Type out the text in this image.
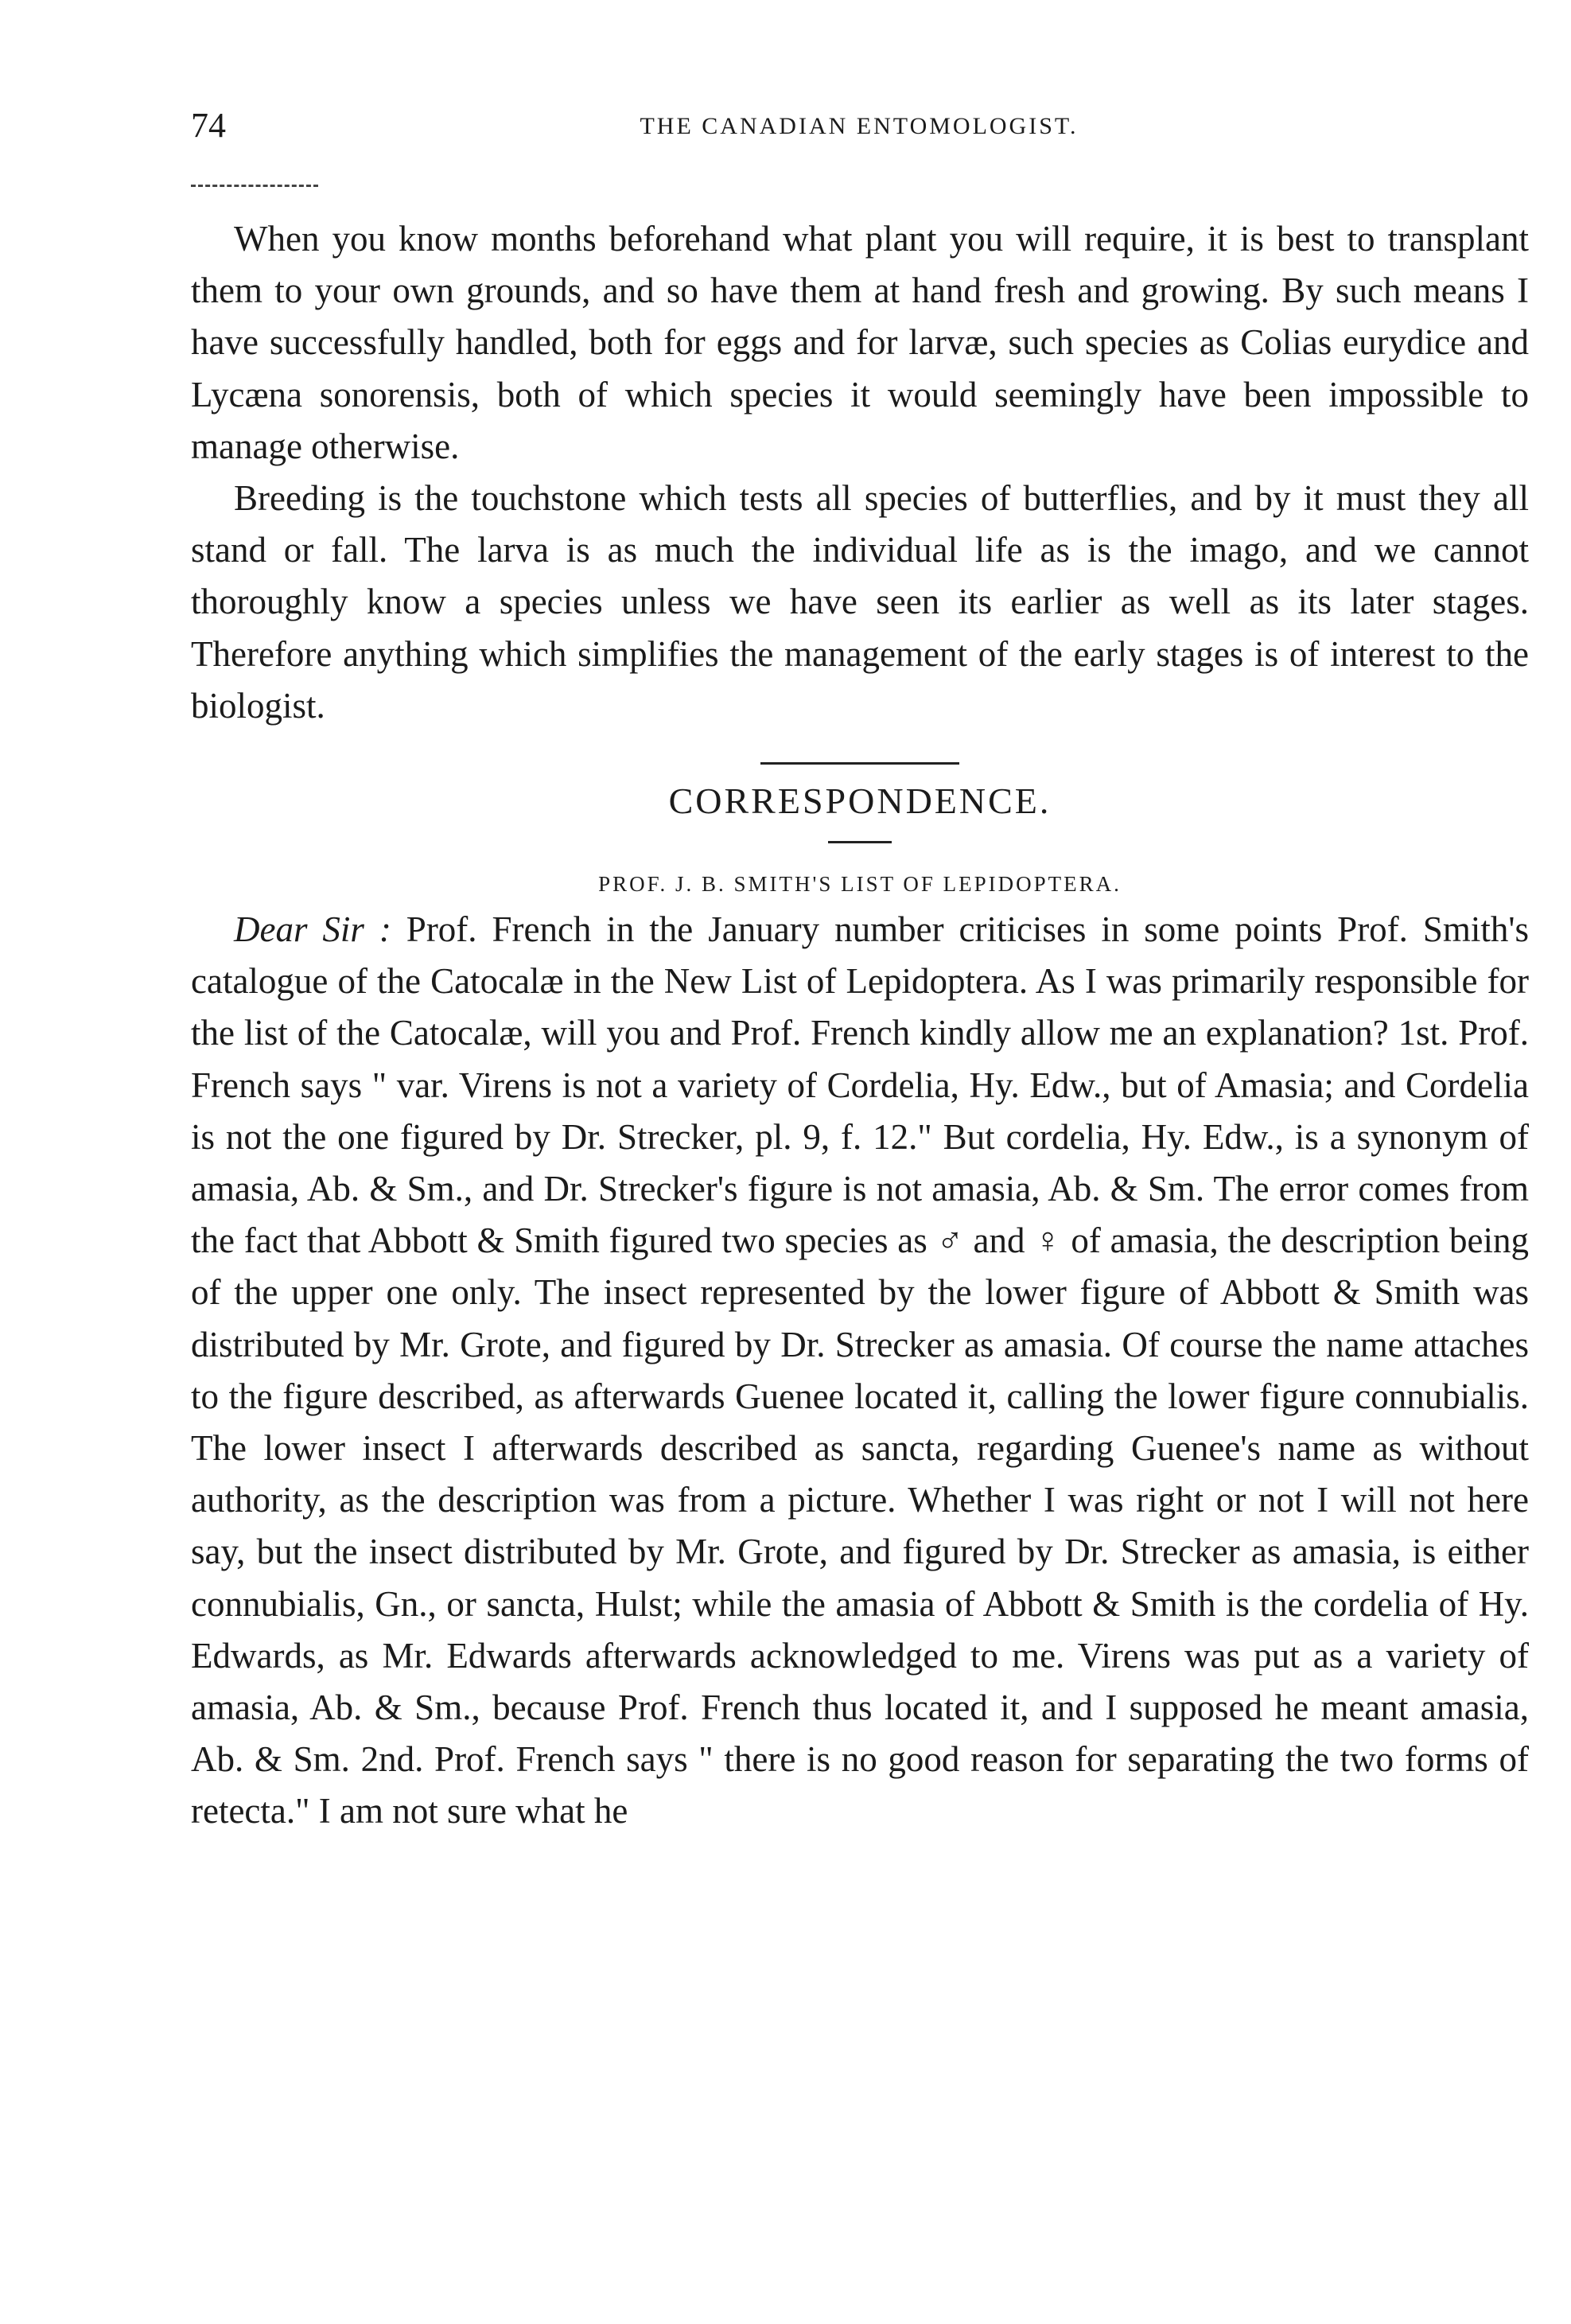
74	THE CANADIAN ENTOMOLOGIST.

When you know months beforehand what plant you will require, it is best to transplant them to your own grounds, and so have them at hand fresh and growing. By such means I have successfully handled, both for eggs and for larvæ, such species as Colias eurydice and Lycæna sonorensis, both of which species it would seemingly have been impossible to manage otherwise.

Breeding is the touchstone which tests all species of butterflies, and by it must they all stand or fall. The larva is as much the individual life as is the imago, and we cannot thoroughly know a species unless we have seen its earlier as well as its later stages. Therefore anything which simplifies the management of the early stages is of interest to the biologist.

CORRESPONDENCE.
PROF. J. B. SMITH'S LIST OF LEPIDOPTERA.

Dear Sir : Prof. French in the January number criticises in some points Prof. Smith's catalogue of the Catocalæ in the New List of Lepidoptera. As I was primarily responsible for the list of the Catocalæ, will you and Prof. French kindly allow me an explanation? 1st. Prof. French says " var. Virens is not a variety of Cordelia, Hy. Edw., but of Amasia; and Cordelia is not the one figured by Dr. Strecker, pl. 9, f. 12." But cordelia, Hy. Edw., is a synonym of amasia, Ab. & Sm., and Dr. Strecker's figure is not amasia, Ab. & Sm. The error comes from the fact that Abbott & Smith figured two species as ♂ and ♀ of amasia, the description being of the upper one only. The insect represented by the lower figure of Abbott & Smith was distributed by Mr. Grote, and figured by Dr. Strecker as amasia. Of course the name attaches to the figure described, as afterwards Guenee located it, calling the lower figure connubialis. The lower insect I afterwards described as sancta, regarding Guenee's name as without authority, as the description was from a picture. Whether I was right or not I will not here say, but the insect distributed by Mr. Grote, and figured by Dr. Strecker as amasia, is either connubialis, Gn., or sancta, Hulst; while the amasia of Abbott & Smith is the cordelia of Hy. Edwards, as Mr. Edwards afterwards acknowledged to me. Virens was put as a variety of amasia, Ab. & Sm., because Prof. French thus located it, and I supposed he meant amasia, Ab. & Sm. 2nd. Prof. French says " there is no good reason for separating the two forms of retecta." I am not sure what he
